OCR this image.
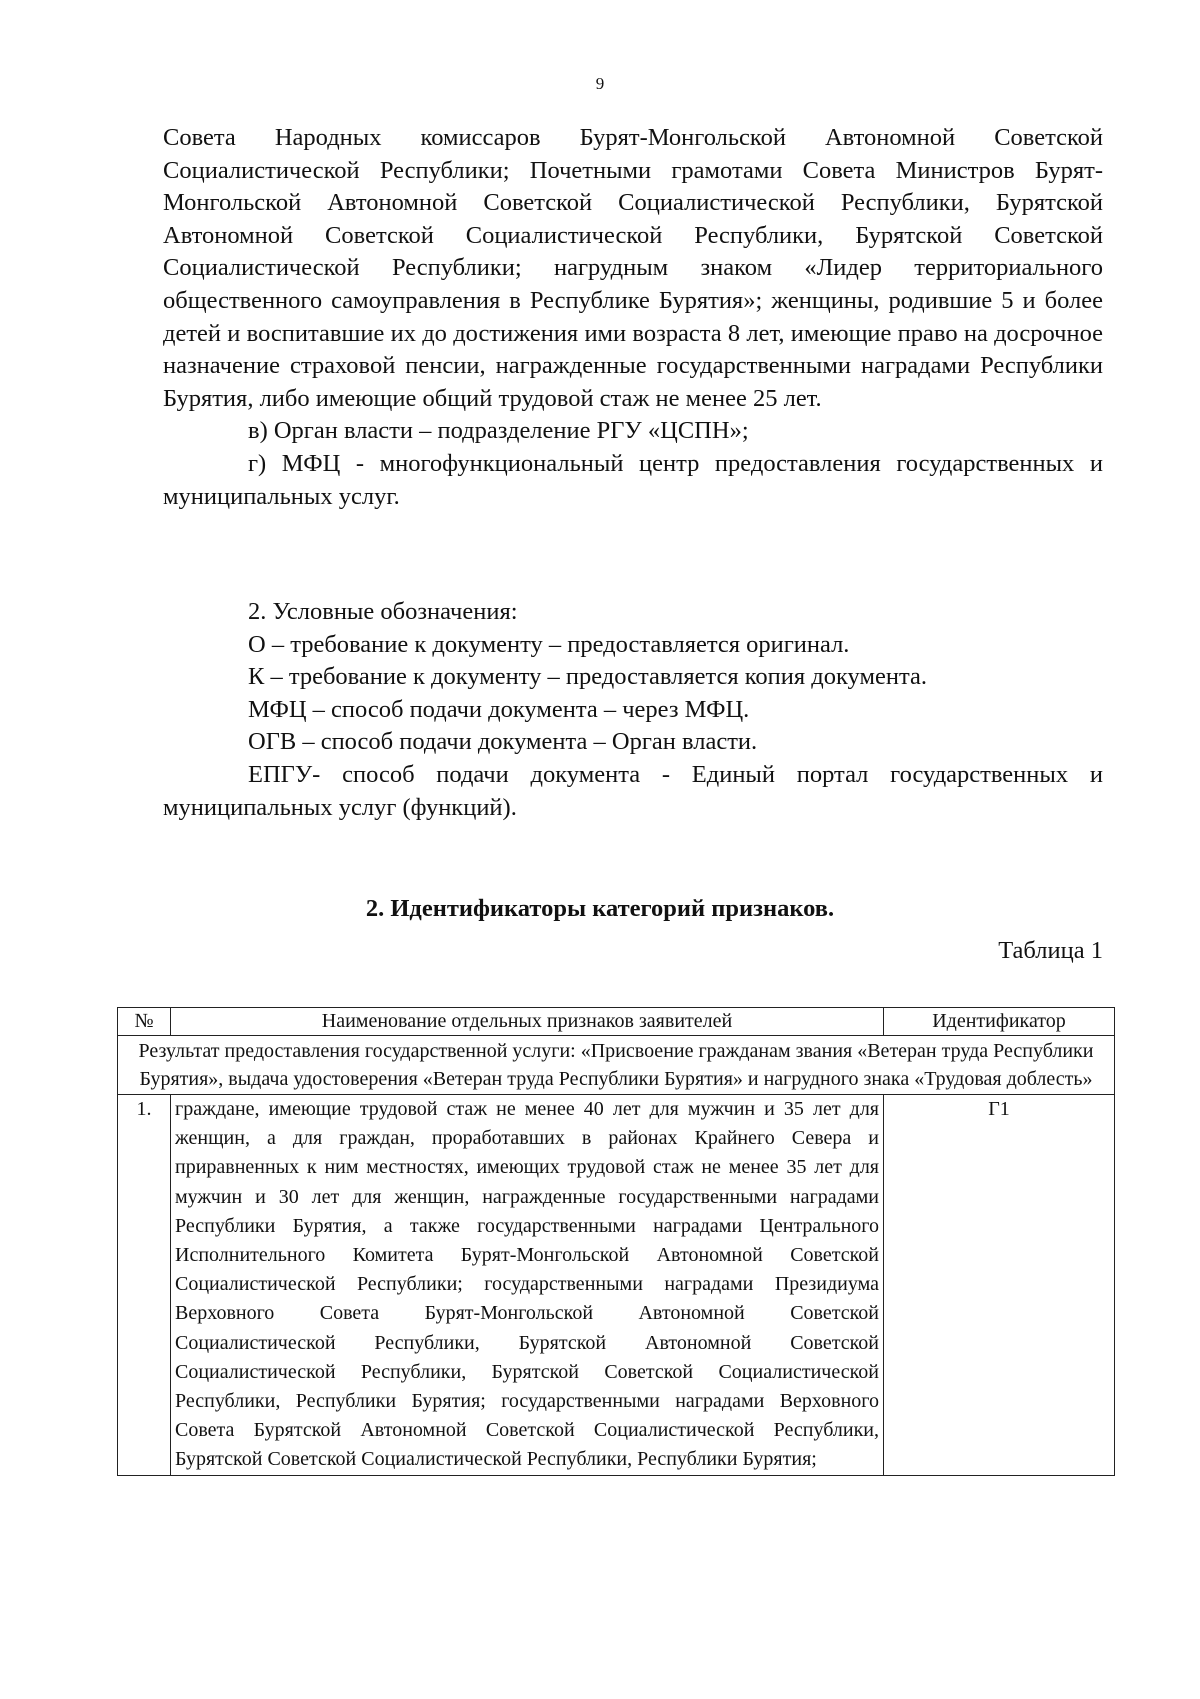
9

Совета Народных комиссаров Бурят-Монгольской Автономной Советской Социалистической Республики; Почетными грамотами Совета Министров Бурят-Монгольской Автономной Советской Социалистической Республики, Бурятской Автономной Советской Социалистической Республики, Бурятской Советской Социалистической Республики; нагрудным знаком «Лидер территориального общественного самоуправления в Республике Бурятия»; женщины, родившие 5 и более детей и воспитавшие их до достижения ими возраста 8 лет, имеющие право на досрочное назначение страховой пенсии, награжденные государственными наградами Республики Бурятия, либо имеющие общий трудовой стаж не менее 25 лет.

в) Орган власти – подразделение РГУ «ЦСПН»;

г) МФЦ - многофункциональный центр предоставления государственных и муниципальных услуг.

2. Условные обозначения:

О – требование к документу – предоставляется оригинал.

К – требование к документу – предоставляется копия документа.

МФЦ – способ подачи документа – через МФЦ.

ОГВ – способ подачи документа – Орган власти.

ЕПГУ- способ подачи документа - Единый портал государственных и муниципальных услуг (функций).

2. Идентификаторы категорий признаков.
Таблица 1
№	Наименование отдельных признаков заявителей	Идентификатор
Результат предоставления государственной услуги: «Присвоение гражданам звания «Ветеран труда Республики Бурятия», выдача удостоверения «Ветеран труда Республики Бурятия» и нагрудного знака «Трудовая доблесть»		
1.	граждане, имеющие трудовой стаж не менее 40 лет для мужчин и 35 лет для женщин, а для граждан, проработавших в районах Крайнего Севера и приравненных к ним местностях, имеющих трудовой стаж не менее 35 лет для мужчин и 30 лет для женщин, награжденные государственными наградами Республики Бурятия, а также государственными наградами Центрального Исполнительного Комитета Бурят-Монгольской Автономной Советской Социалистической Республики; государственными наградами Президиума Верховного Совета Бурят-Монгольской Автономной Советской Социалистической Республики, Бурятской Автономной Советской Социалистической Республики, Бурятской Советской Социалистической Республики, Республики Бурятия; государственными наградами Верховного Совета Бурятской Автономной Советской Социалистической Республики, Бурятской Советской Социалистической Республики, Республики Бурятия;	Г1
